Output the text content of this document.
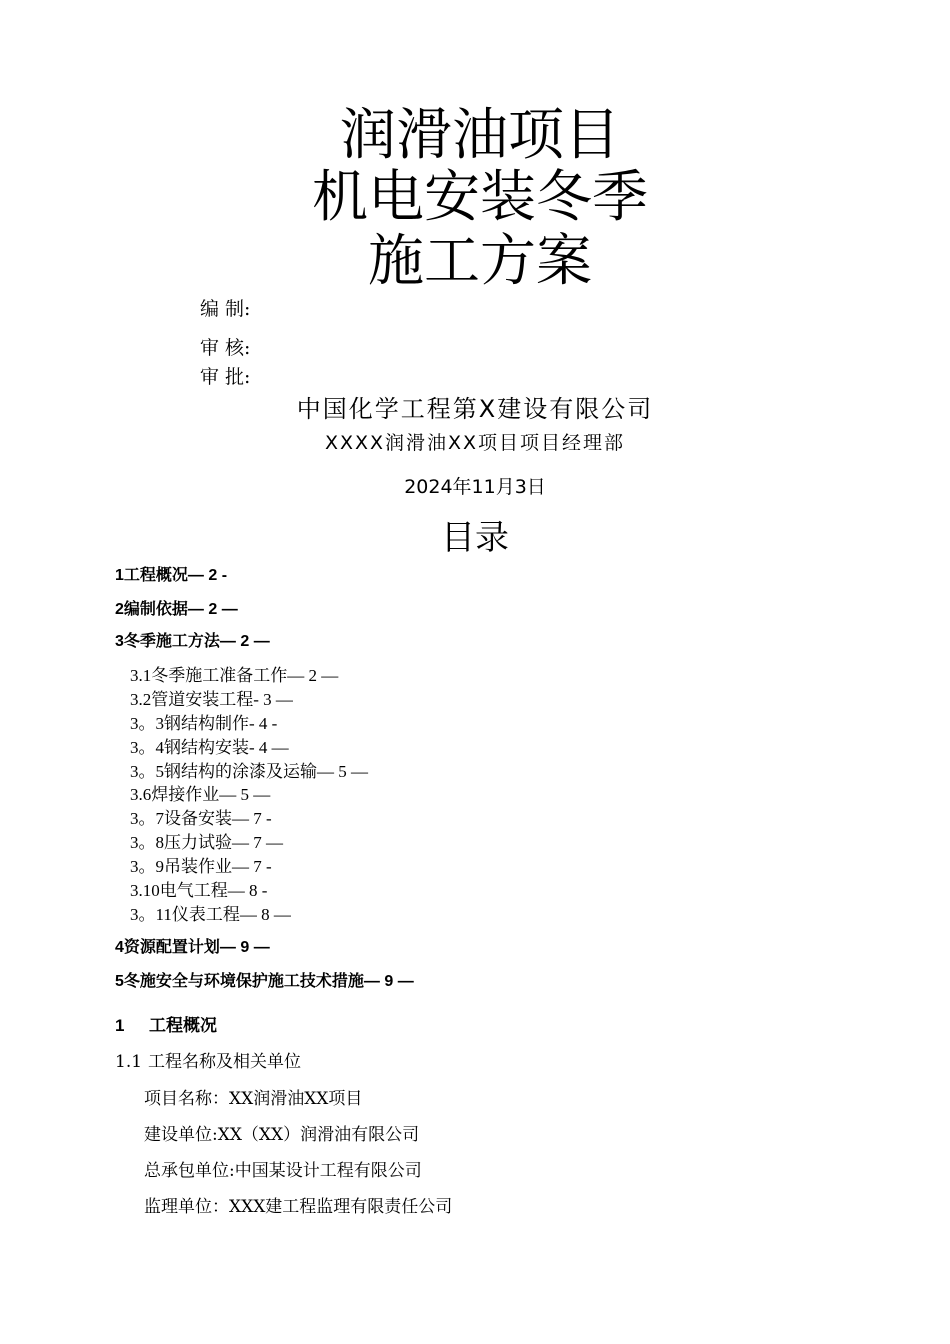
润滑油项目
机电安装冬季
施工方案
编 制:
审 核:
审 批:
中国化学工程第Ⅹ建设有限公司
XXXX润滑油XX项目项目经理部
2024年11月3日
目录
1工程概况— 2 -
2编制依据— 2 —
3冬季施工方法— 2 —
3.1冬季施工准备工作— 2 —
3.2管道安装工程- 3 —
3。3钢结构制作- 4 -
3。4钢结构安装- 4 —
3。5钢结构的涂漆及运输— 5 —
3.6焊接作业— 5 —
3。7设备安装— 7 -
3。8压力试验— 7 —
3。9吊装作业— 7 -
3.10电气工程— 8 -
3。11仪表工程— 8 —
4资源配置计划— 9 —
5冬施安全与环境保护施工技术措施— 9 —
1 工程概况
1.1 工程名称及相关单位
项目名称：XX润滑油XX项目
建设单位:XX（XX）润滑油有限公司
总承包单位:中国某设计工程有限公司
监理单位：XXX建工程监理有限责任公司
